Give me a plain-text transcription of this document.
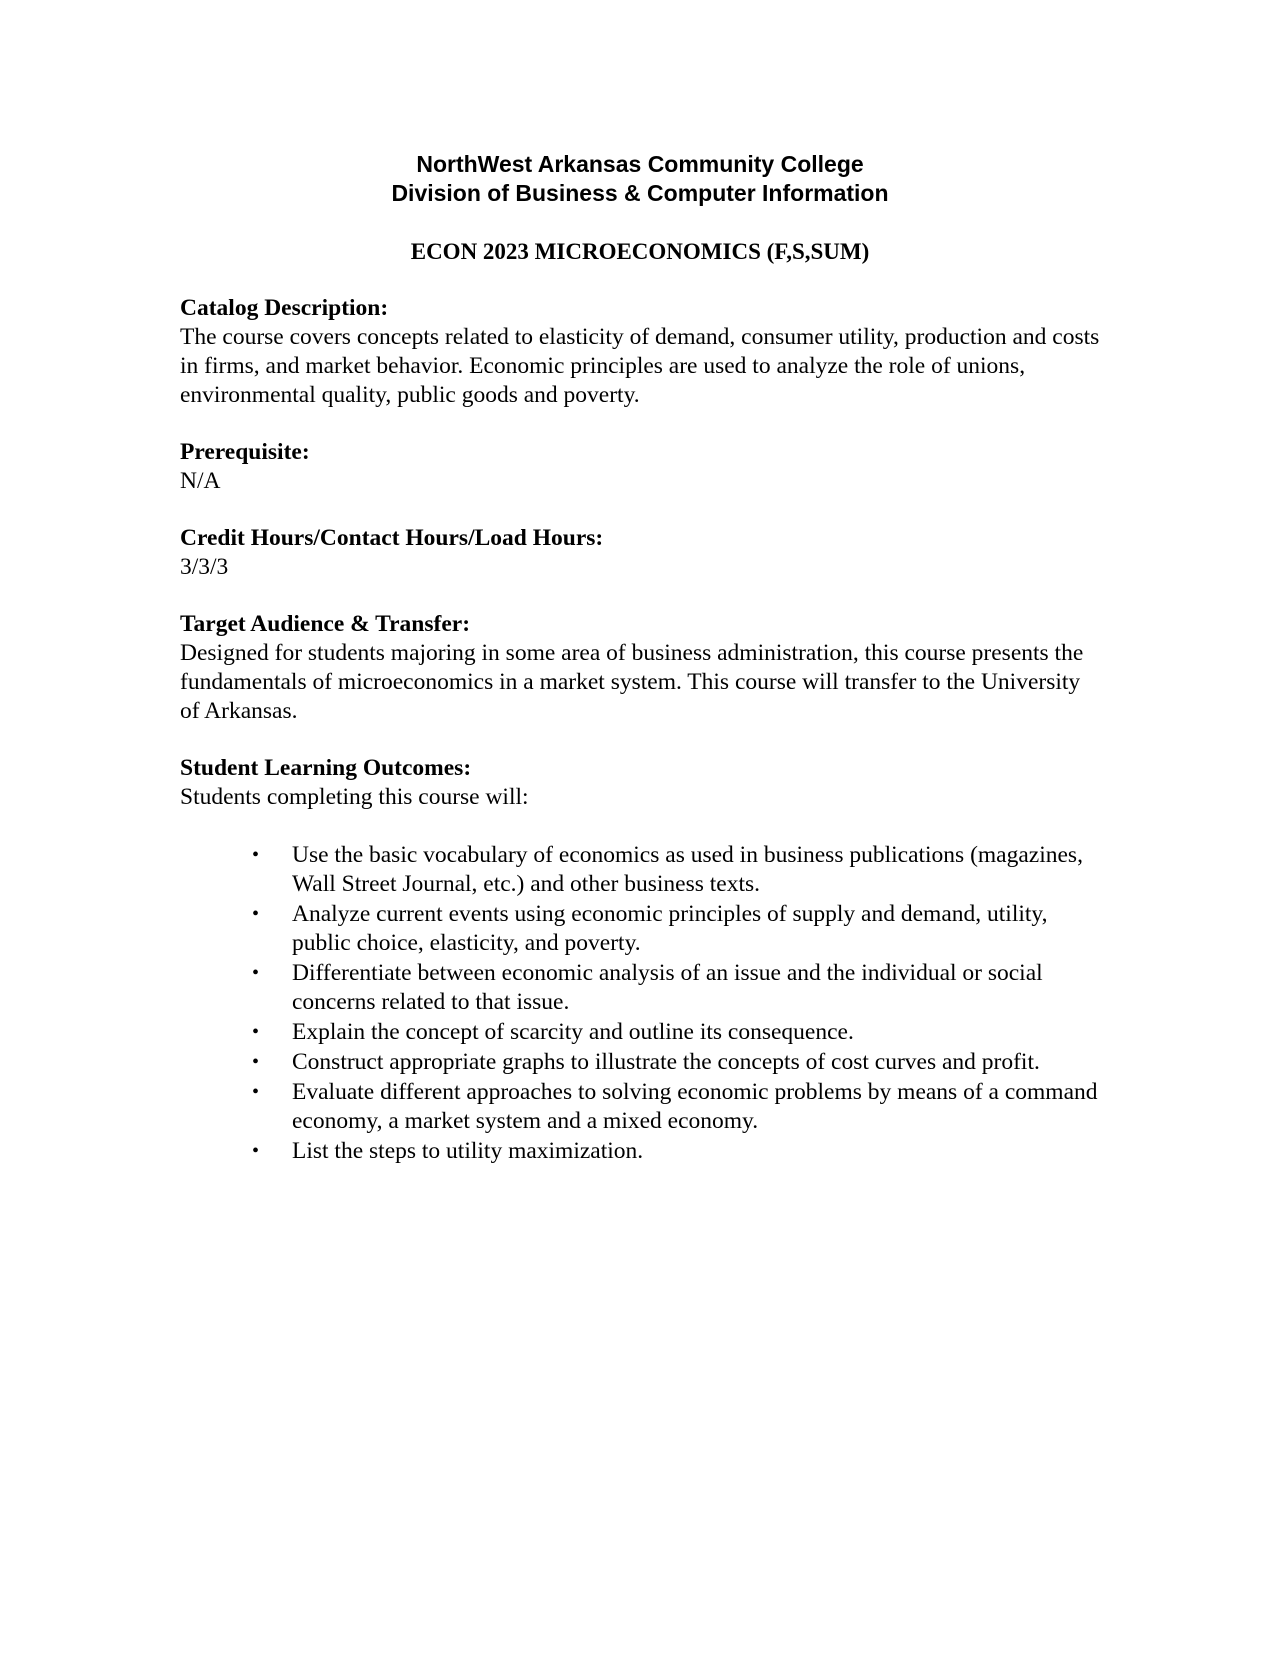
NorthWest Arkansas Community College
Division of Business & Computer Information
ECON 2023 MICROECONOMICS (F,S,SUM)
Catalog Description:
The course covers concepts related to elasticity of demand, consumer utility, production and costs in firms, and market behavior. Economic principles are used to analyze the role of unions, environmental quality, public goods and poverty.
Prerequisite:
N/A
Credit Hours/Contact Hours/Load Hours:
3/3/3
Target Audience & Transfer:
Designed for students majoring in some area of business administration, this course presents the fundamentals of microeconomics in a market system. This course will transfer to the University of Arkansas.
Student Learning Outcomes:
Students completing this course will:
•	Use the basic vocabulary of economics as used in business publications (magazines, Wall Street Journal, etc.) and other business texts.
•	Analyze current events using economic principles of supply and demand, utility, public choice, elasticity, and poverty.
•	Differentiate between economic analysis of an issue and the individual or social concerns related to that issue.
•	Explain the concept of scarcity and outline its consequence.
•	Construct appropriate graphs to illustrate the concepts of cost curves and profit.
•	Evaluate different approaches to solving economic problems by means of a command economy, a market system and a mixed economy.
•	List the steps to utility maximization.
